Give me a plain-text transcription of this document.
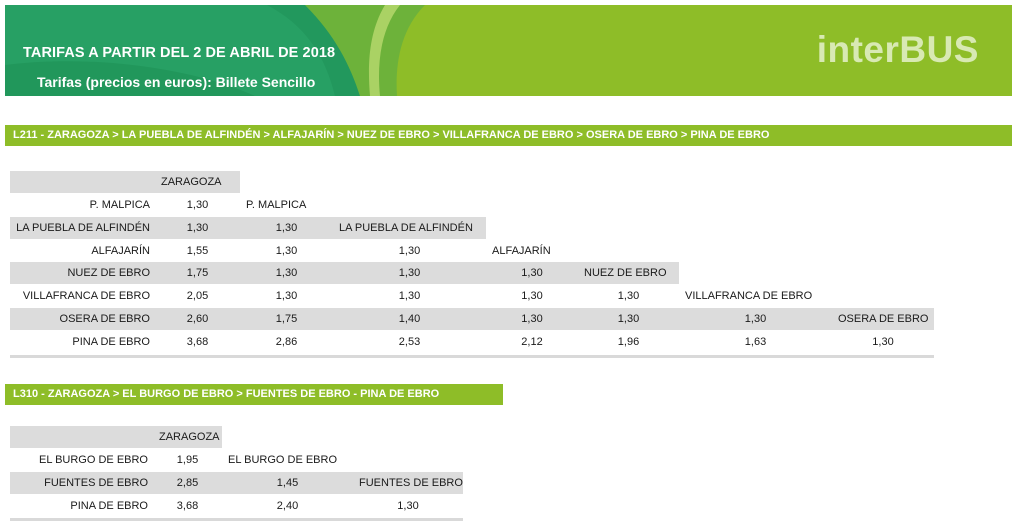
TARIFAS A PARTIR DEL 2 DE ABRIL DE 2018
Tarifas (precios en euros): Billete Sencillo
interBUS
L211 - ZARAGOZA > LA PUEBLA DE ALFINDÉN > ALFAJARÍN > NUEZ DE EBRO > VILLAFRANCA DE EBRO > OSERA DE EBRO > PINA DE EBRO
ZARAGOZA
P. MALPICA	1,30	P. MALPICA
LA PUEBLA DE ALFINDÉN	1,30	1,30	LA PUEBLA DE ALFINDÉN
ALFAJARÍN	1,55	1,30	1,30	ALFAJARÍN
NUEZ DE EBRO	1,75	1,30	1,30	1,30	NUEZ DE EBRO
VILLAFRANCA DE EBRO	2,05	1,30	1,30	1,30	1,30	VILLAFRANCA DE EBRO
OSERA DE EBRO	2,60	1,75	1,40	1,30	1,30	1,30	OSERA DE EBRO
PINA DE EBRO	3,68	2,86	2,53	2,12	1,96	1,63	1,30
L310 - ZARAGOZA > EL BURGO DE EBRO > FUENTES DE EBRO - PINA DE EBRO
ZARAGOZA
EL BURGO DE EBRO	1,95	EL BURGO DE EBRO
FUENTES DE EBRO	2,85	1,45	FUENTES DE EBRO
PINA DE EBRO	3,68	2,40	1,30
